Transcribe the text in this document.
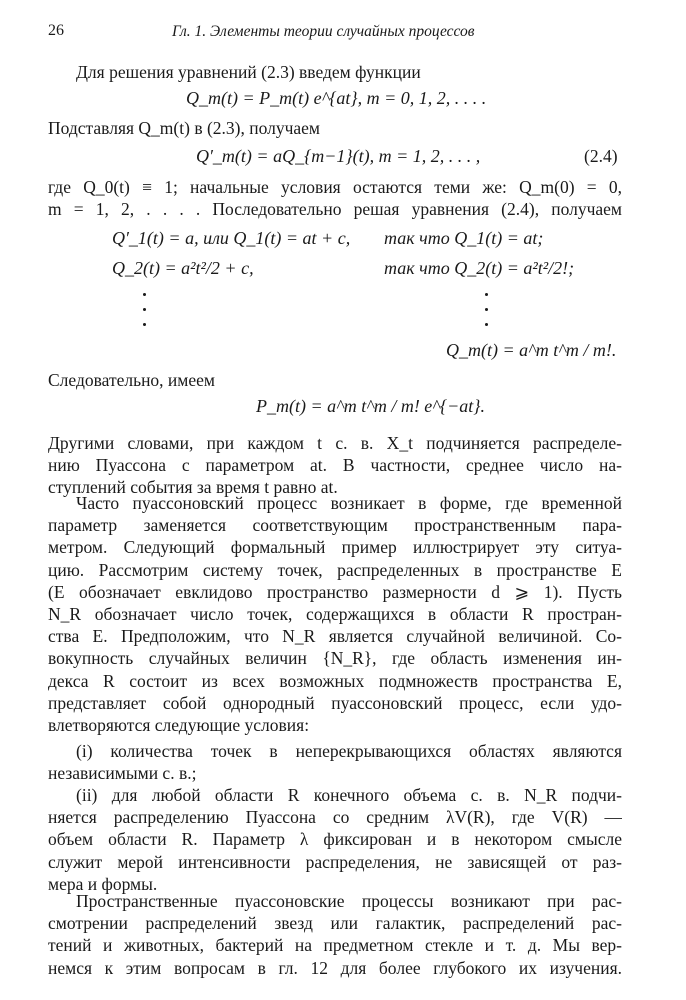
26	Гл. 1. Элементы теории случайных процессов
Для решения уравнений (2.3) введем функции
Q_m(t) = P_m(t) e^{at}, m = 0, 1, 2, . . . .
Подставляя Q_m(t) в (2.3), получаем
Q′_m(t) = aQ_{m−1}(t), m = 1, 2, . . . ,	(2.4)
где Q_0(t) ≡ 1; начальные условия остаются теми же: Q_m(0) = 0,
m = 1, 2, . . . . Последовательно решая уравнения (2.4), получаем
Q′_1(t) = a, или Q_1(t) = at + c, так что Q_1(t) = at;
Q_2(t) = a²t²/2 + c,	так что Q_2(t) = a²t²/2!;
Q_m(t) = a^m t^m / m!.
Следовательно, имеем
P_m(t) = a^m t^m / m! e^{−at}.
Другими словами, при каждом t с. в. X_t подчиняется распределе-
нию Пуассона с параметром at. В частности, среднее число на-
ступлений события за время t равно at.
Часто пуассоновский процесс возникает в форме, где временной
параметр заменяется соответствующим пространственным пара-
метром. Следующий формальный пример иллюстрирует эту ситуа-
цию. Рассмотрим систему точек, распределенных в пространстве E
(E обозначает евклидово пространство размерности d ⩾ 1). Пусть
N_R обозначает число точек, содержащихся в области R простран-
ства E. Предположим, что N_R является случайной величиной. Со-
вокупность случайных величин {N_R}, где область изменения ин-
декса R состоит из всех возможных подмножеств пространства E,
представляет собой однородный пуассоновский процесс, если удо-
влетворяются следующие условия:
(i) количества точек в неперекрывающихся областях являются
независимыми с. в.;
(ii) для любой области R конечного объема с. в. N_R подчи-
няется распределению Пуассона со средним λV(R), где V(R) —
объем области R. Параметр λ фиксирован и в некотором смысле
служит мерой интенсивности распределения, не зависящей от раз-
мера и формы.
Пространственные пуассоновские процессы возникают при рас-
смотрении распределений звезд или галактик, распределений рас-
тений и животных, бактерий на предметном стекле и т. д. Мы вер-
немся к этим вопросам в гл. 12 для более глубокого их изучения.
